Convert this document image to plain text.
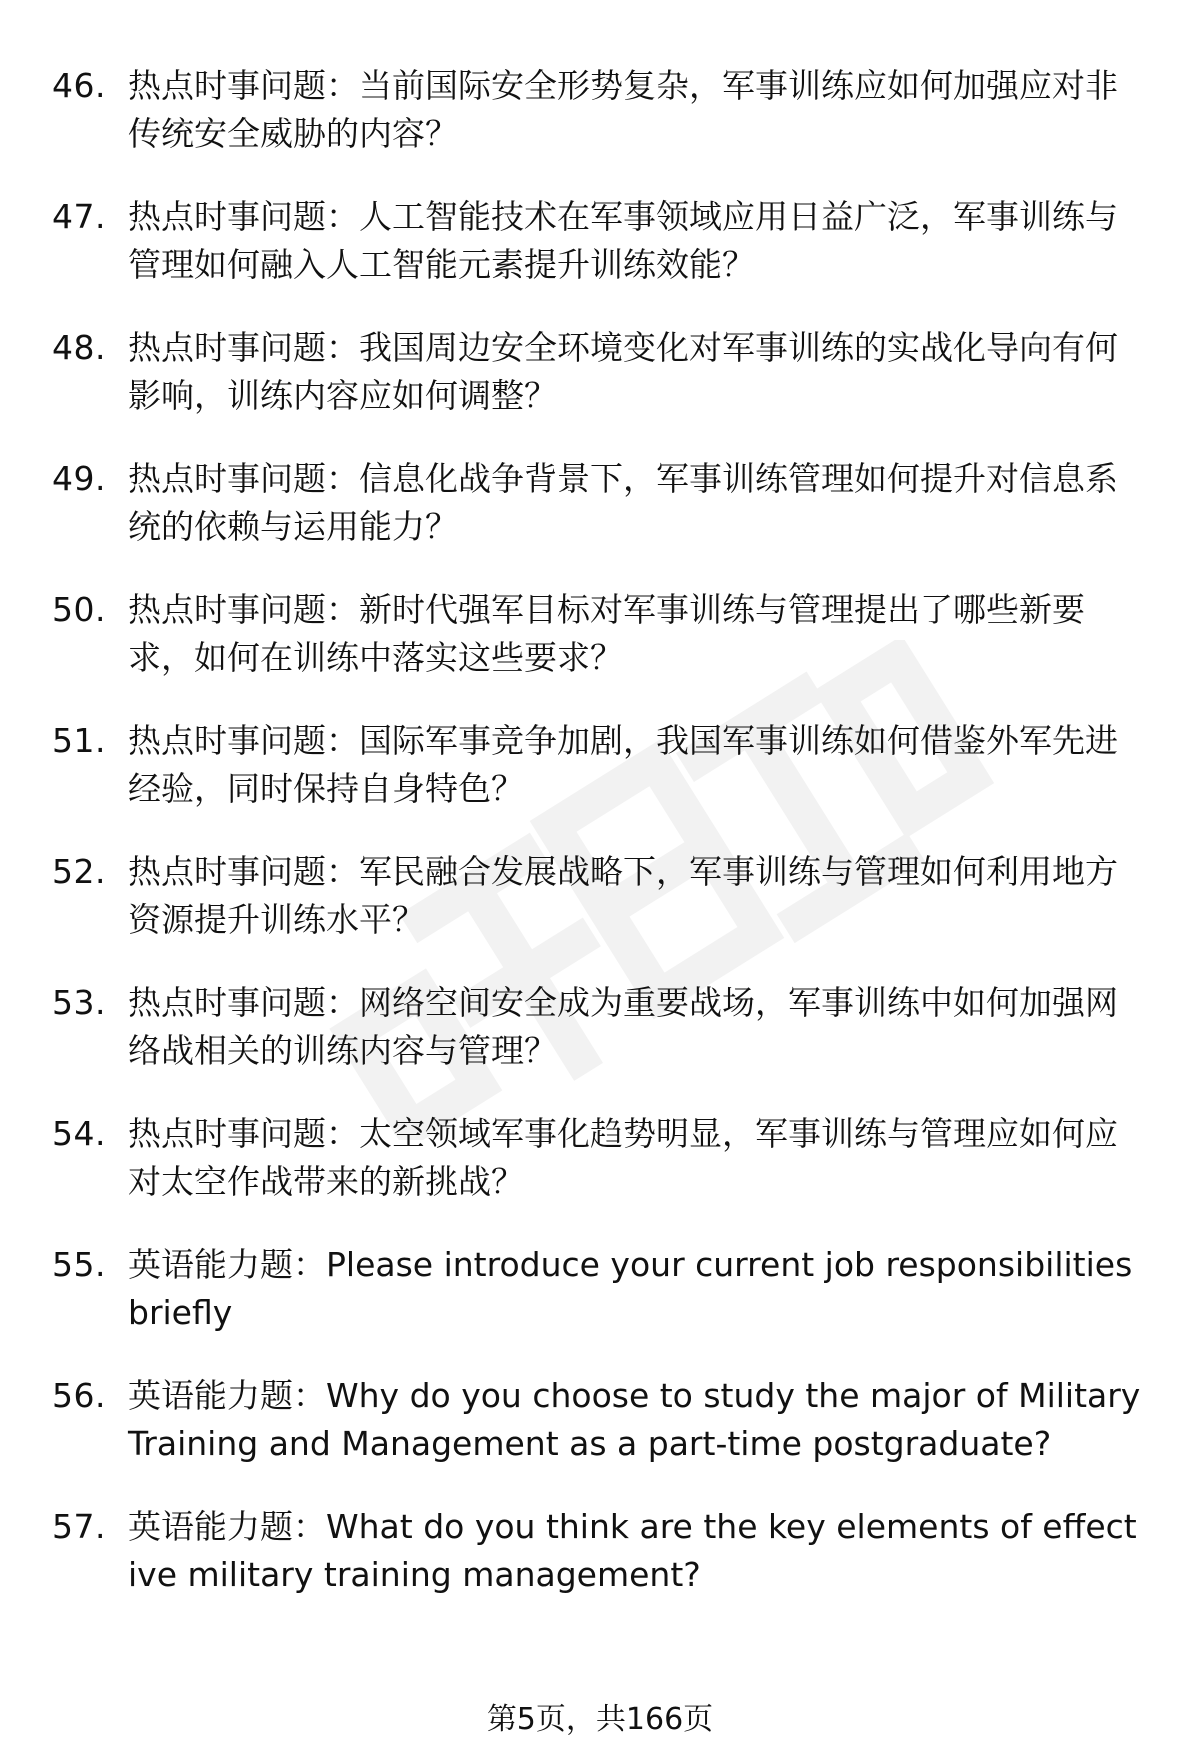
46. 热点时事问题：当前国际安全形势复杂，军事训练应如何加强应对非传统安全威胁的内容？
47. 热点时事问题：人工智能技术在军事领域应用日益广泛，军事训练与管理如何融入人工智能元素提升训练效能？
48. 热点时事问题：我国周边安全环境变化对军事训练的实战化导向有何影响，训练内容应如何调整？
49. 热点时事问题：信息化战争背景下，军事训练管理如何提升对信息系统的依赖与运用能力？
50. 热点时事问题：新时代强军目标对军事训练与管理提出了哪些新要求，如何在训练中落实这些要求？
51. 热点时事问题：国际军事竞争加剧，我国军事训练如何借鉴外军先进经验，同时保持自身特色？
52. 热点时事问题：军民融合发展战略下，军事训练与管理如何利用地方资源提升训练水平？
53. 热点时事问题：网络空间安全成为重要战场，军事训练中如何加强网络战相关的训练内容与管理？
54. 热点时事问题：太空领域军事化趋势明显，军事训练与管理应如何应对太空作战带来的新挑战？
55. 英语能力题：Please introduce your current job responsibilities briefly
56. 英语能力题：Why do you choose to study the major of Military Training and Management as a part-time postgraduate?
57. 英语能力题：What do you think are the key elements of effective military training management?
第5页，共166页
